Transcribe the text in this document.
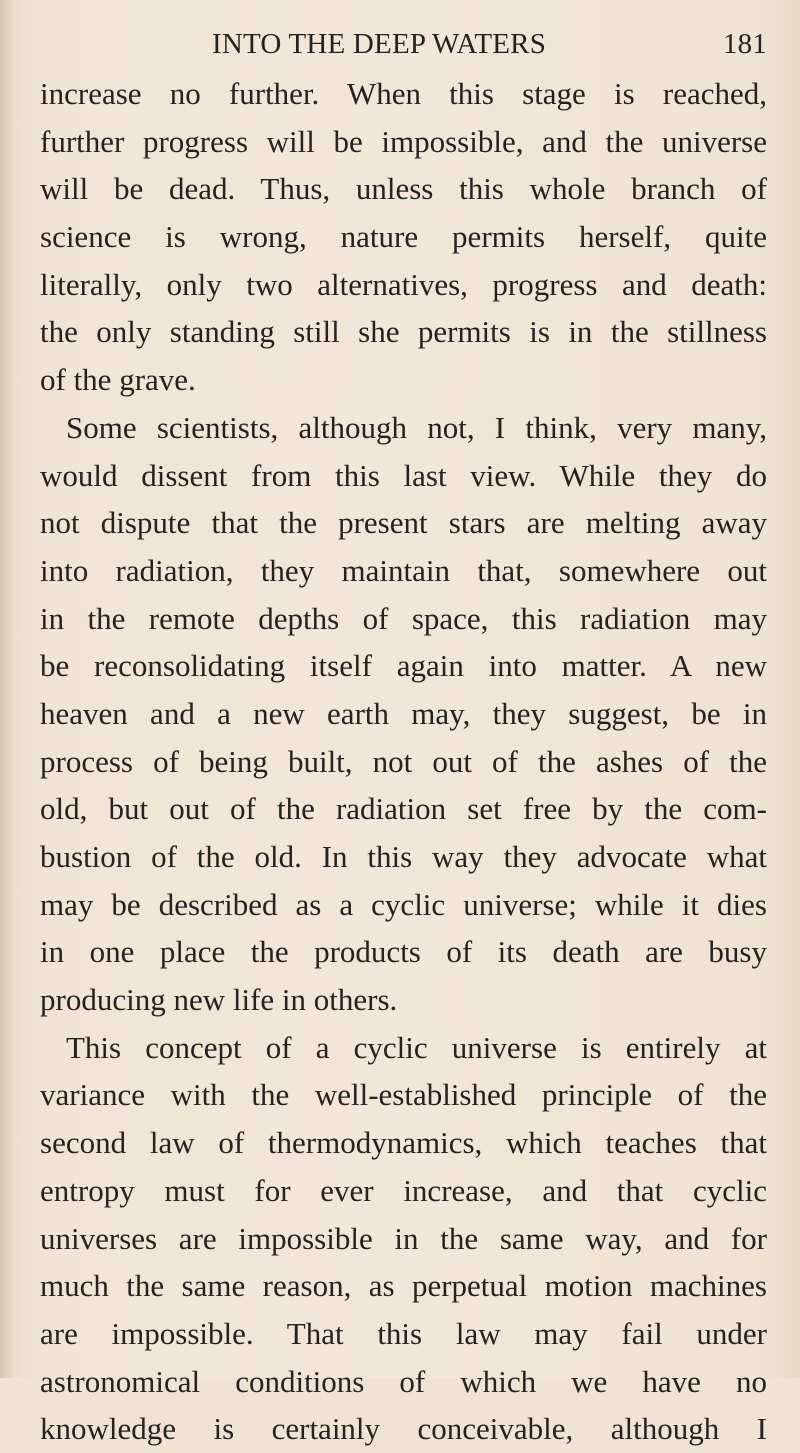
INTO THE DEEP WATERS	181
increase no further. When this stage is reached,
further progress will be impossible, and the universe
will be dead. Thus, unless this whole branch of
science is wrong, nature permits herself, quite
literally, only two alternatives, progress and death:
the only standing still she permits is in the stillness
of the grave.
Some scientists, although not, I think, very many,
would dissent from this last view. While they do
not dispute that the present stars are melting away
into radiation, they maintain that, somewhere out
in the remote depths of space, this radiation may
be reconsolidating itself again into matter. A new
heaven and a new earth may, they suggest, be in
process of being built, not out of the ashes of the
old, but out of the radiation set free by the com-
bustion of the old. In this way they advocate what
may be described as a cyclic universe; while it dies
in one place the products of its death are busy
producing new life in others.
This concept of a cyclic universe is entirely at
variance with the well-established principle of the
second law of thermodynamics, which teaches that
entropy must for ever increase, and that cyclic
universes are impossible in the same way, and for
much the same reason, as perpetual motion machines
are impossible. That this law may fail under
astronomical conditions of which we have no
knowledge is certainly conceivable, although I
